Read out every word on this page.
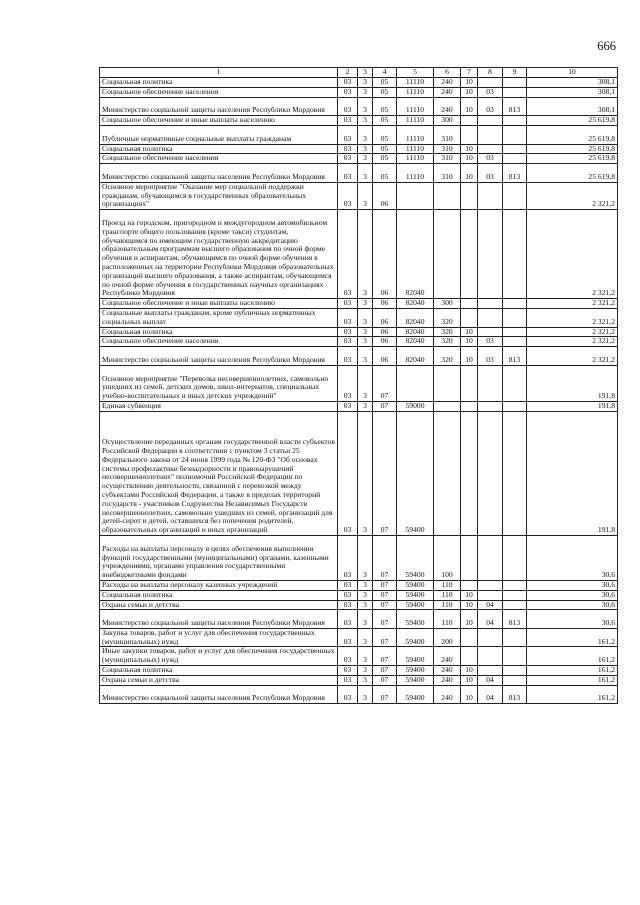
666
1	2	3	4	5	6	7	8	9	10
Социальная политика	03	3	05	11110	240	10			308,1
Социальное обеспечение населения	03	3	05	11110	240	10	03		308,1
Министерство социальной защиты населения Республики Мордовия	03	3	05	11110	240	10	03	813	308,1
Социальное обеспечение и иные выплаты населению	03	3	05	11110	300				25 619,8
Публичные нормативные социальные выплаты гражданам	03	3	05	11110	310				25 619,8
Социальная политика	03	3	05	11110	310	10			25 619,8
Социальное обеспечение населения	03	3	05	11110	310	10	03		25 619,8
Министерство социальной защиты населения Республики Мордовия	03	3	05	11110	310	10	03	813	25 619,8
Основное мероприятие "Оказание мер социальной поддержки гражданам, обучающимся в государственных образовательных организациях"	03	3	06						2 321,2
Проезд на городском, пригородном и междугородном автомобильном транспорте общего пользования (кроме такси) студентам, обучающимся по имеющим государственную аккредитацию образовательным программам высшего образования по очной форме обучения и аспирантам, обучающимся по очной форме обучения в расположенных на территории Республики Мордовия образовательных организаций высшего образования, а также аспирантам, обучающимся по очной форме обучения в государственных научных организациях Республики Мордовия	03	3	06	82040					2 321,2
Социальное обеспечение и иные выплаты населению	03	3	06	82040	300				2 321,2
Социальные выплаты гражданам, кроме публичных нормативных социальных выплат	03	3	06	82040	320				2 321,2
Социальная политика	03	3	06	82040	320	10			2 321,2
Социальное обеспечение населения	03	3	06	82040	320	10	03		2 321,2
Министерство социальной защиты населения Республики Мордовия	03	3	06	82040	320	10	03	813	2 321,2
Основное мероприятие "Перевозка несовершеннолетних, самовольно ушедших из семей, детских домов, школ-интернатов, специальных учебно-воспитательных и иных детских учреждений"	03	3	07						191,8
Единая субвенция	03	3	07	59000					191,8
Осуществление переданных органам государственной власти субъектов Российской Федерации в соответствии с пунктом 3 статьи 25 Федерального закона от 24 июня 1999 года № 120-ФЗ "Об основах системы профилактики безнадзорности и правонарушений несовершеннолетних" полномочий Российской Федерации по осуществлению деятельности, связанной с перевозкой между субъектами Российской Федерации, а также в пределах территорий государств - участников Содружества Независимых Государств несовершеннолетних, самовольно ушедших из семей, организаций для детей-сирот и детей, оставшихся без попечения родителей, образовательных организаций и иных организаций	03	3	07	59400					191,8
Расходы на выплаты персоналу в целях обеспечения выполнения функций государственными (муниципальными) органами, казенными учреждениями, органами управления государственными внебюджетными фондами	03	3	07	59400	100				30,6
Расходы на выплаты персоналу казенных учреждений	03	3	07	59400	110				30,6
Социальная политика	03	3	07	59400	110	10			30,6
Охрана семьи и детства	03	3	07	59400	110	10	04		30,6
Министерство социальной защиты населения Республики Мордовия	03	3	07	59400	110	10	04	813	30,6
Закупка товаров, работ и услуг для обеспечения государственных (муниципальных) нужд	03	3	07	59400	200				161,2
Иные закупки товаров, работ и услуг для обеспечения государственных (муниципальных) нужд	03	3	07	59400	240				161,2
Социальная политика	03	3	07	59400	240	10			161,2
Охрана семьи и детства	03	3	07	59400	240	10	04		161,2
Министерство социальной защиты населения Республики Мордовия	03	3	07	59400	240	10	04	813	161,2
